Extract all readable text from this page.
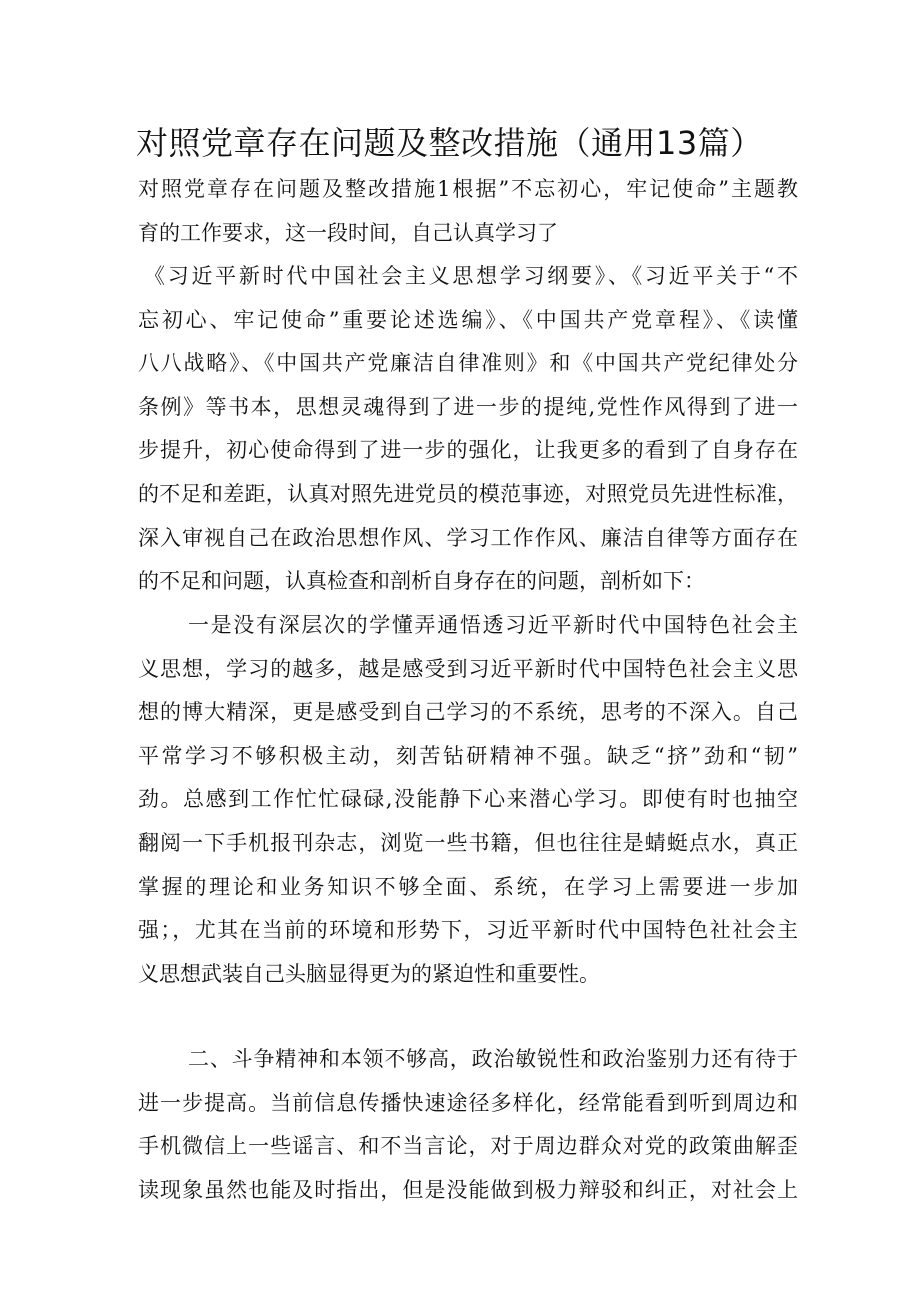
对照党章存在问题及整改措施（通用13篇）
对照党章存在问题及整改措施1根据”不忘初心，牢记使命”主题教
育的工作要求，这一段时间，自己认真学习了
《习近平新时代中国社会主义思想学习纲要》、《习近平关于“不
忘初心、牢记使命”重要论述选编》、《中国共产党章程》、《读懂
八八战略》、《中国共产党廉洁自律准则》和《中国共产党纪律处分
条例》等书本，思想灵魂得到了进一步的提纯,党性作风得到了进一
步提升，初心使命得到了进一步的强化，让我更多的看到了自身存在
的不足和差距，认真对照先进党员的模范事迹，对照党员先进性标准，
深入审视自己在政治思想作风、学习工作作风、廉洁自律等方面存在
的不足和问题，认真检查和剖析自身存在的问题，剖析如下：
一是没有深层次的学懂弄通悟透习近平新时代中国特色社会主
义思想，学习的越多，越是感受到习近平新时代中国特色社会主义思
想的博大精深，更是感受到自己学习的不系统，思考的不深入。自己
平常学习不够积极主动，刻苦钻研精神不强。缺乏“挤”劲和“韧”
劲。总感到工作忙忙碌碌,没能静下心来潜心学习。即使有时也抽空
翻阅一下手机报刊杂志，浏览一些书籍，但也往往是蜻蜓点水，真正
掌握的理论和业务知识不够全面、系统，在学习上需要进一步加
强；，尤其在当前的环境和形势下，习近平新时代中国特色社社会主
义思想武装自己头脑显得更为的紧迫性和重要性。
二、斗争精神和本领不够高，政治敏锐性和政治鉴别力还有待于
进一步提高。当前信息传播快速途径多样化，经常能看到听到周边和
手机微信上一些谣言、和不当言论，对于周边群众对党的政策曲解歪
读现象虽然也能及时指出，但是没能做到极力辩驳和纠正，对社会上
